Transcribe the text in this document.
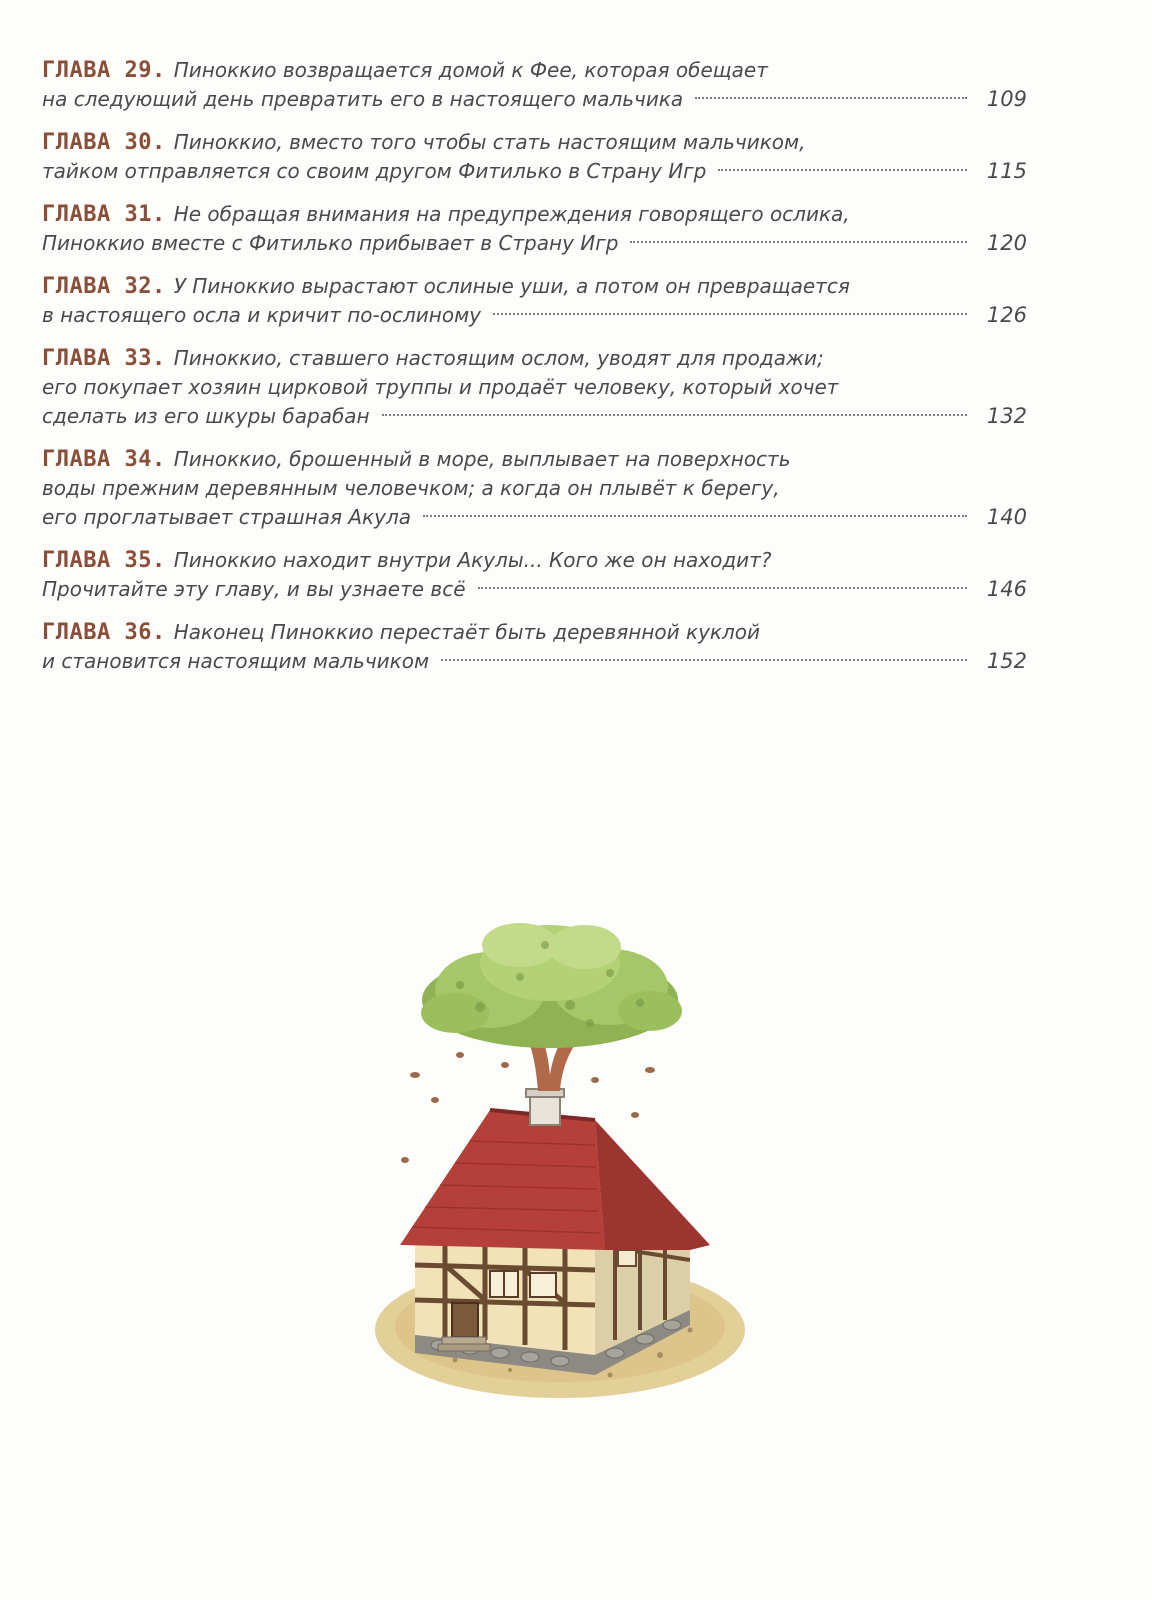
ГЛАВА 29. Пиноккио возвращается домой к Фее, которая обещает
на следующий день превратить его в настоящего мальчика	109
ГЛАВА 30. Пиноккио, вместо того чтобы стать настоящим мальчиком,
тайком отправляется со своим другом Фитилько в Страну Игр	115
ГЛАВА 31. Не обращая внимания на предупреждения говорящего ослика,
Пиноккио вместе с Фитилько прибывает в Страну Игр	120
ГЛАВА 32. У Пиноккио вырастают ослиные уши, а потом он превращается
в настоящего осла и кричит по-ослиному	126
ГЛАВА 33. Пиноккио, ставшего настоящим ослом, уводят для продажи;
его покупает хозяин цирковой труппы и продаёт человеку, который хочет
сделать из его шкуры барабан	132
ГЛАВА 34. Пиноккио, брошенный в море, выплывает на поверхность
воды прежним деревянным человечком; а когда он плывёт к берегу,
его проглатывает страшная Акула	140
ГЛАВА 35. Пиноккио находит внутри Акулы... Кого же он находит?
Прочитайте эту главу, и вы узнаете всё	146
ГЛАВА 36. Наконец Пиноккио перестаёт быть деревянной куклой
и становится настоящим мальчиком	152
